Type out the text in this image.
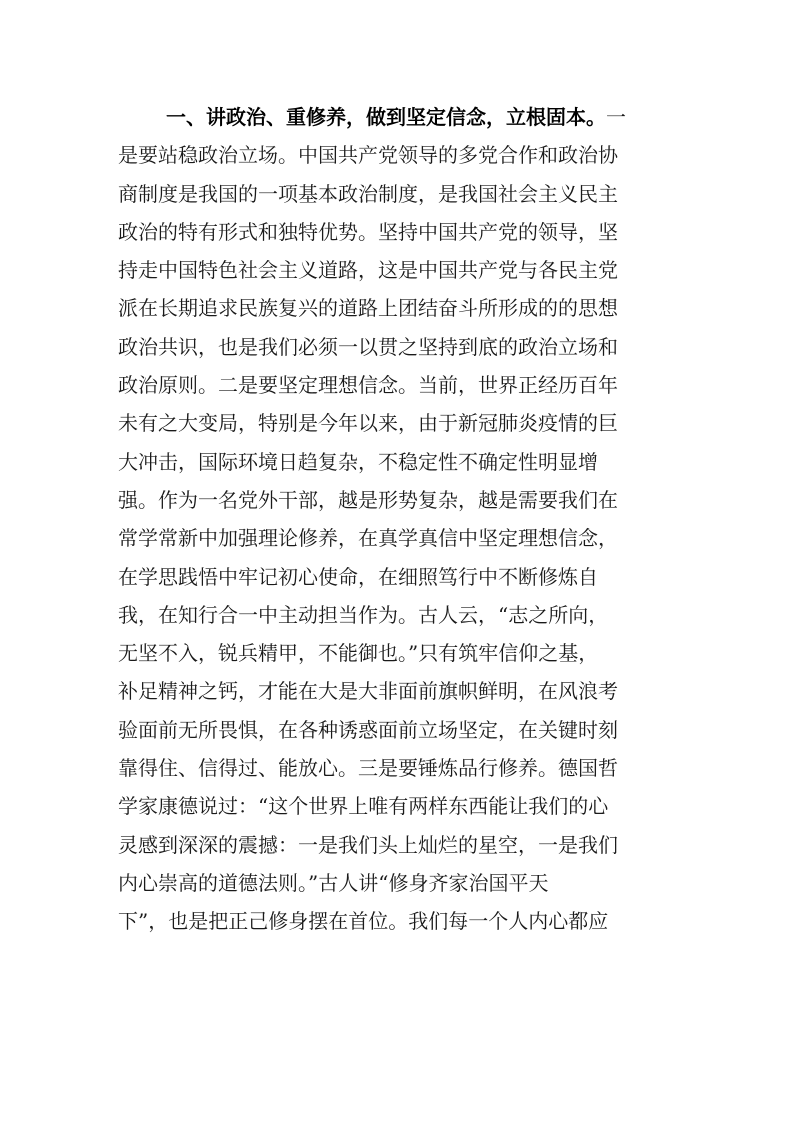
一、讲政治、重修养，做到坚定信念，立根固本。一
是要站稳政治立场。中国共产党领导的多党合作和政治协
商制度是我国的一项基本政治制度，是我国社会主义民主
政治的特有形式和独特优势。坚持中国共产党的领导，坚
持走中国特色社会主义道路，这是中国共产党与各民主党
派在长期追求民族复兴的道路上团结奋斗所形成的的思想
政治共识，也是我们必须一以贯之坚持到底的政治立场和
政治原则。二是要坚定理想信念。当前，世界正经历百年
未有之大变局，特别是今年以来，由于新冠肺炎疫情的巨
大冲击，国际环境日趋复杂，不稳定性不确定性明显增
强。作为一名党外干部，越是形势复杂，越是需要我们在
常学常新中加强理论修养，在真学真信中坚定理想信念，
在学思践悟中牢记初心使命，在细照笃行中不断修炼自
我，在知行合一中主动担当作为。古人云，“志之所向，
无坚不入，锐兵精甲，不能御也。”只有筑牢信仰之基，
补足精神之钙，才能在大是大非面前旗帜鲜明，在风浪考
验面前无所畏惧，在各种诱惑面前立场坚定，在关键时刻
靠得住、信得过、能放心。三是要锤炼品行修养。德国哲
学家康德说过：“这个世界上唯有两样东西能让我们的心
灵感到深深的震撼：一是我们头上灿烂的星空，一是我们
内心崇高的道德法则。”古人讲“修身齐家治国平天
下”，也是把正己修身摆在首位。我们每一个人内心都应
